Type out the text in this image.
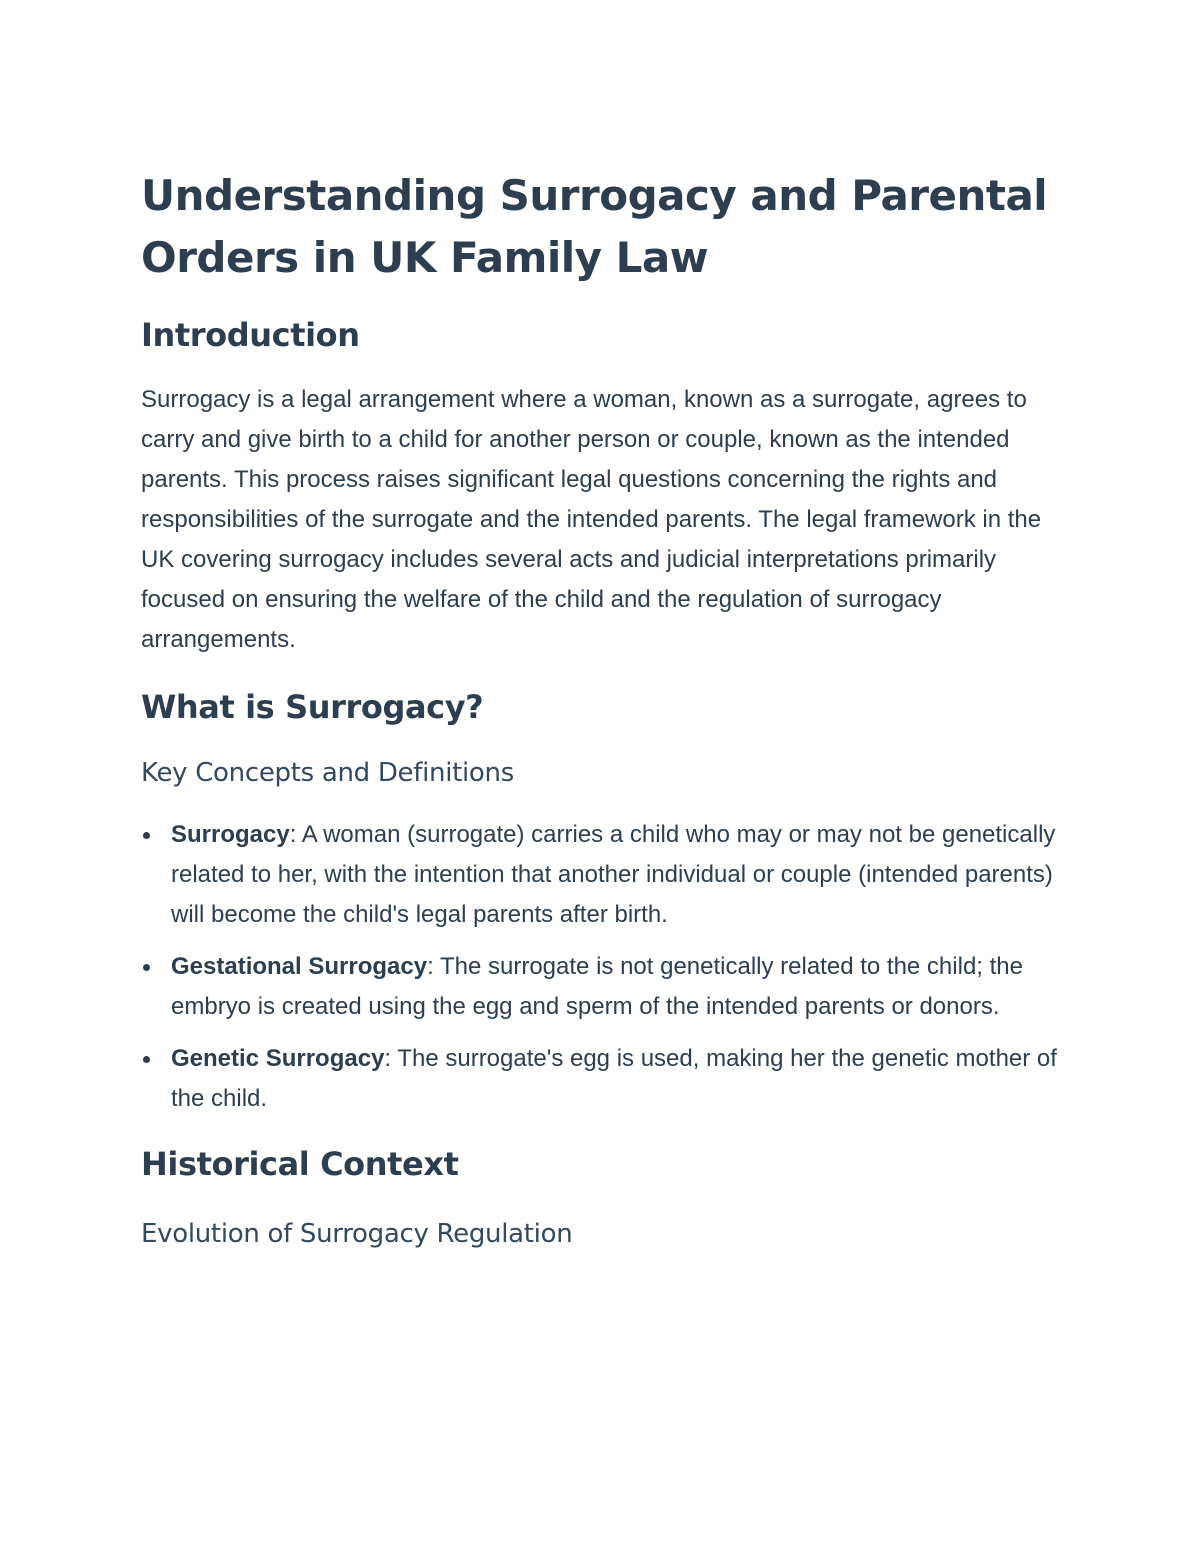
Understanding Surrogacy and Parental Orders in UK Family Law
Introduction

Surrogacy is a legal arrangement where a woman, known as a surrogate, agrees to carry and give birth to a child for another person or couple, known as the intended parents. This process raises significant legal questions concerning the rights and responsibilities of the surrogate and the intended parents. The legal framework in the UK covering surrogacy includes several acts and judicial interpretations primarily focused on ensuring the welfare of the child and the regulation of surrogacy arrangements.

What is Surrogacy?
Key Concepts and Definitions
Surrogacy: A woman (surrogate) carries a child who may or may not be genetically related to her, with the intention that another individual or couple (intended parents) will become the child's legal parents after birth.
Gestational Surrogacy: The surrogate is not genetically related to the child; the embryo is created using the egg and sperm of the intended parents or donors.
Genetic Surrogacy: The surrogate's egg is used, making her the genetic mother of the child.
Historical Context
Evolution of Surrogacy Regulation
